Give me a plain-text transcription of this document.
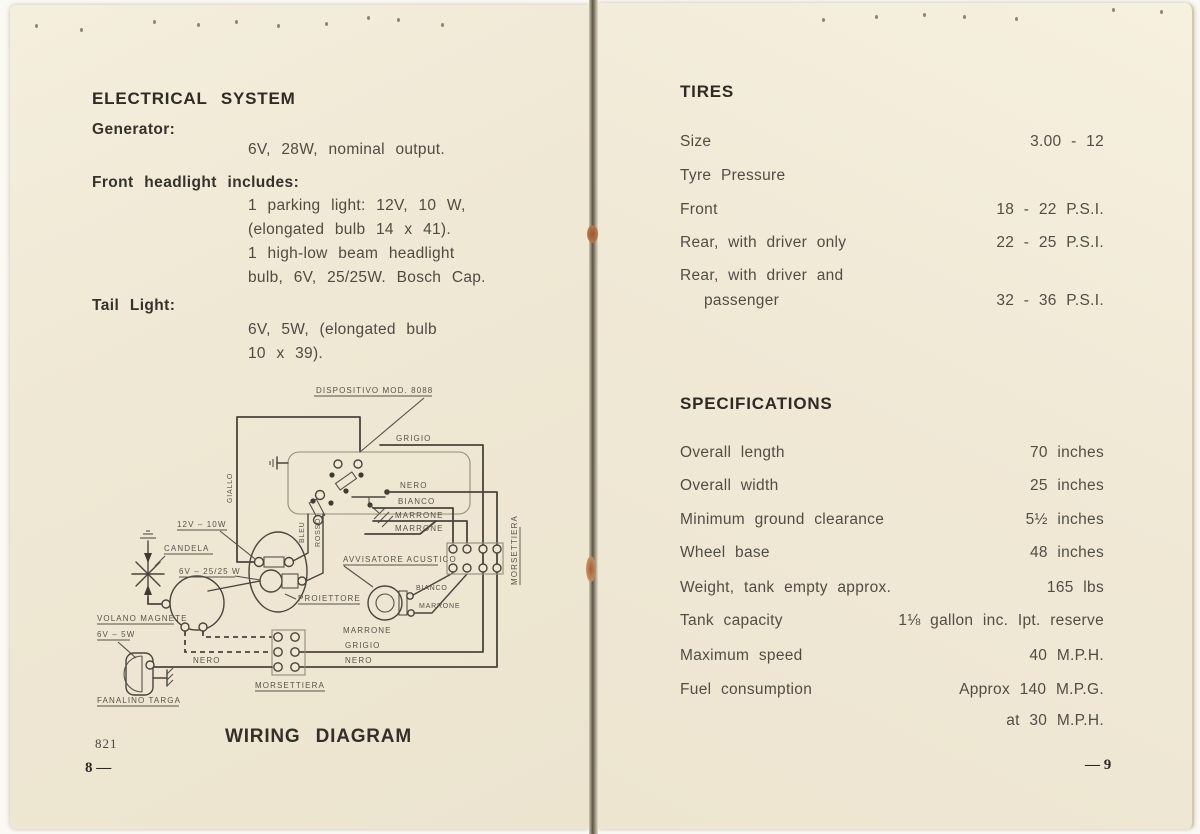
ELECTRICAL SYSTEM
Generator:
6V, 28W, nominal output.
Front headlight includes:
1 parking light: 12V, 10 W,
(elongated bulb 14 x 41).
1 high-low beam headlight
bulb, 6V, 25/25W. Bosch Cap.
Tail Light:
6V, 5W, (elongated bulb
10 x 39).
DISPOSITIVO MOD. 8088
GIALLO
GRIGIO
NERO
BIANCO
MARRONE
MARRONE
CANDELA
VOLANO MAGNETE
BLEU ROSSO
12V – 10W
6V – 25/25 W
PROIETTORE
AVVISATORE ACUSTICO
BIANCO
MARRONE
MORSETTIERA
MORSETTIERA
MARRONE
GRIGIO
NERO
6V – 5W
NERO
FANALINO TARGA
WIRING DIAGRAM
821
8 —
TIRES
Size	3.00 - 12
Tyre Pressure
Front	18 - 22 P.S.I.
Rear, with driver only	22 - 25 P.S.I.
Rear, with driver and
passenger	32 - 36 P.S.I.
SPECIFICATIONS
Overall length	70 inches
Overall width	25 inches
Minimum ground clearance	5½ inches
Wheel base	48 inches
Weight, tank empty approx.	165 lbs
Tank capacity	1⅛ gallon inc. Ipt. reserve
Maximum speed	40 M.P.H.
Fuel consumption	Approx 140 M.P.G.
at 30 M.P.H.
— 9
